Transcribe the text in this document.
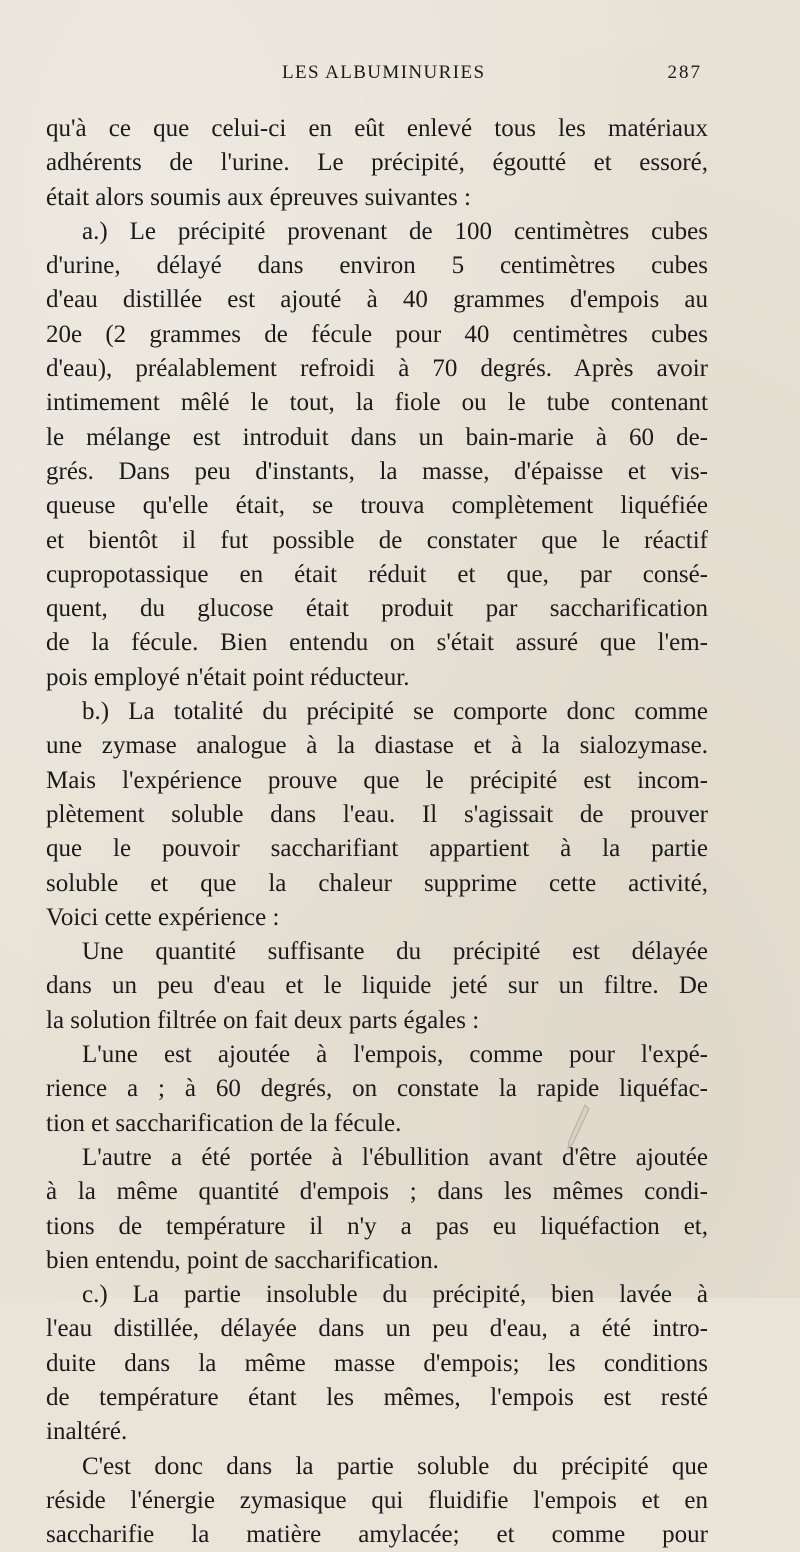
LES ALBUMINURIES	287
qu'à ce que celui-ci en eût enlevé tous les matériaux
adhérents de l'urine. Le précipité, égoutté et essoré,
était alors soumis aux épreuves suivantes :
a.) Le précipité provenant de 100 centimètres cubes
d'urine, délayé dans environ 5 centimètres cubes
d'eau distillée est ajouté à 40 grammes d'empois au
20e (2 grammes de fécule pour 40 centimètres cubes
d'eau), préalablement refroidi à 70 degrés. Après avoir
intimement mêlé le tout, la fiole ou le tube contenant
le mélange est introduit dans un bain-marie à 60 de-
grés. Dans peu d'instants, la masse, d'épaisse et vis-
queuse qu'elle était, se trouva complètement liquéfiée
et bientôt il fut possible de constater que le réactif
cupropotassique en était réduit et que, par consé-
quent, du glucose était produit par saccharification
de la fécule. Bien entendu on s'était assuré que l'em-
pois employé n'était point réducteur.
b.) La totalité du précipité se comporte donc comme
une zymase analogue à la diastase et à la sialozymase.
Mais l'expérience prouve que le précipité est incom-
plètement soluble dans l'eau. Il s'agissait de prouver
que le pouvoir saccharifiant appartient à la partie
soluble et que la chaleur supprime cette activité,
Voici cette expérience :
Une quantité suffisante du précipité est délayée
dans un peu d'eau et le liquide jeté sur un filtre. De
la solution filtrée on fait deux parts égales :
L'une est ajoutée à l'empois, comme pour l'expé-
rience a ; à 60 degrés, on constate la rapide liquéfac-
tion et saccharification de la fécule.
L'autre a été portée à l'ébullition avant d'être ajoutée
à la même quantité d'empois ; dans les mêmes condi-
tions de température il n'y a pas eu liquéfaction et,
bien entendu, point de saccharification.
c.) La partie insoluble du précipité, bien lavée à
l'eau distillée, délayée dans un peu d'eau, a été intro-
duite dans la même masse d'empois; les conditions
de température étant les mêmes, l'empois est resté
inaltéré.
C'est donc dans la partie soluble du précipité que
réside l'énergie zymasique qui fluidifie l'empois et en
saccharifie la matière amylacée; et comme pour
